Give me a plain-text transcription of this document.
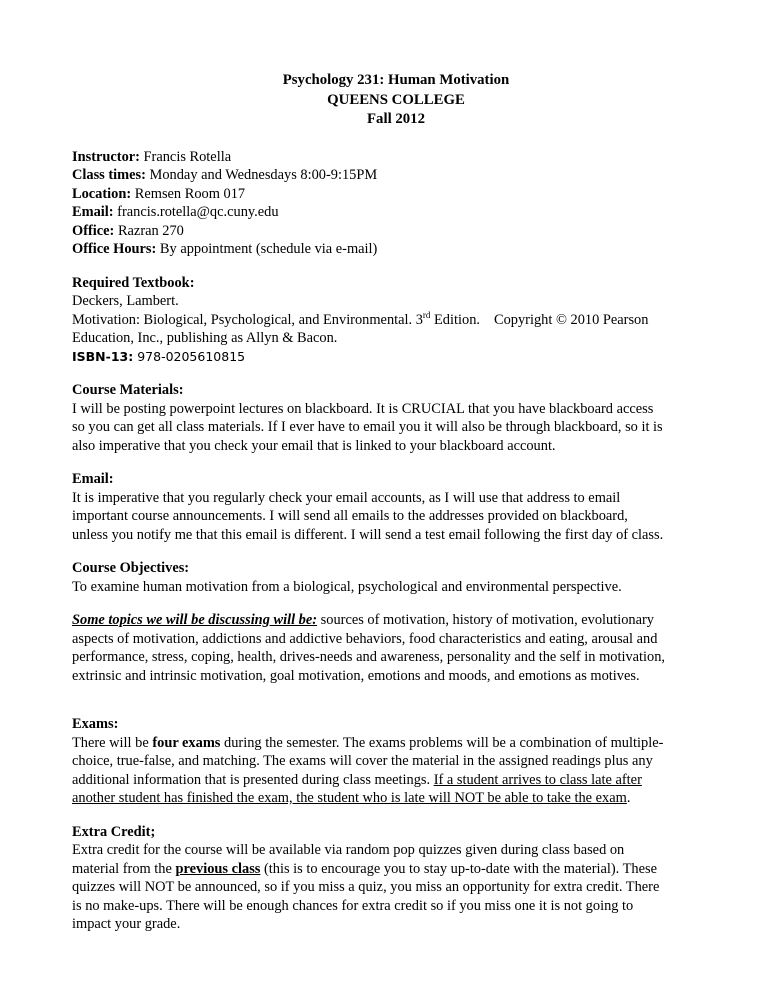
Psychology 231: Human Motivation
QUEENS COLLEGE
Fall 2012
Instructor: Francis Rotella
Class times: Monday and Wednesdays 8:00-9:15PM
Location: Remsen Room 017
Email: francis.rotella@qc.cuny.edu
Office: Razran 270
Office Hours: By appointment (schedule via e-mail)
Required Textbook:
Deckers, Lambert.
Motivation: Biological, Psychological, and Environmental. 3rd Edition. Copyright © 2010 Pearson
Education, Inc., publishing as Allyn & Bacon.
ISBN-13: 978-0205610815
Course Materials:
I will be posting powerpoint lectures on blackboard. It is CRUCIAL that you have blackboard access
so you can get all class materials. If I ever have to email you it will also be through blackboard, so it is
also imperative that you check your email that is linked to your blackboard account.
Email:
It is imperative that you regularly check your email accounts, as I will use that address to email
important course announcements. I will send all emails to the addresses provided on blackboard,
unless you notify me that this email is different. I will send a test email following the first day of class.
Course Objectives:
To examine human motivation from a biological, psychological and environmental perspective.
Some topics we will be discussing will be: sources of motivation, history of motivation, evolutionary
aspects of motivation, addictions and addictive behaviors, food characteristics and eating, arousal and
performance, stress, coping, health, drives-needs and awareness, personality and the self in motivation,
extrinsic and intrinsic motivation, goal motivation, emotions and moods, and emotions as motives.
Exams:
There will be four exams during the semester. The exams problems will be a combination of multiple-
choice, true-false, and matching. The exams will cover the material in the assigned readings plus any
additional information that is presented during class meetings. If a student arrives to class late after
another student has finished the exam, the student who is late will NOT be able to take the exam.
Extra Credit;
Extra credit for the course will be available via random pop quizzes given during class based on
material from the previous class (this is to encourage you to stay up-to-date with the material). These
quizzes will NOT be announced, so if you miss a quiz, you miss an opportunity for extra credit. There
is no make-ups. There will be enough chances for extra credit so if you miss one it is not going to
impact your grade.
